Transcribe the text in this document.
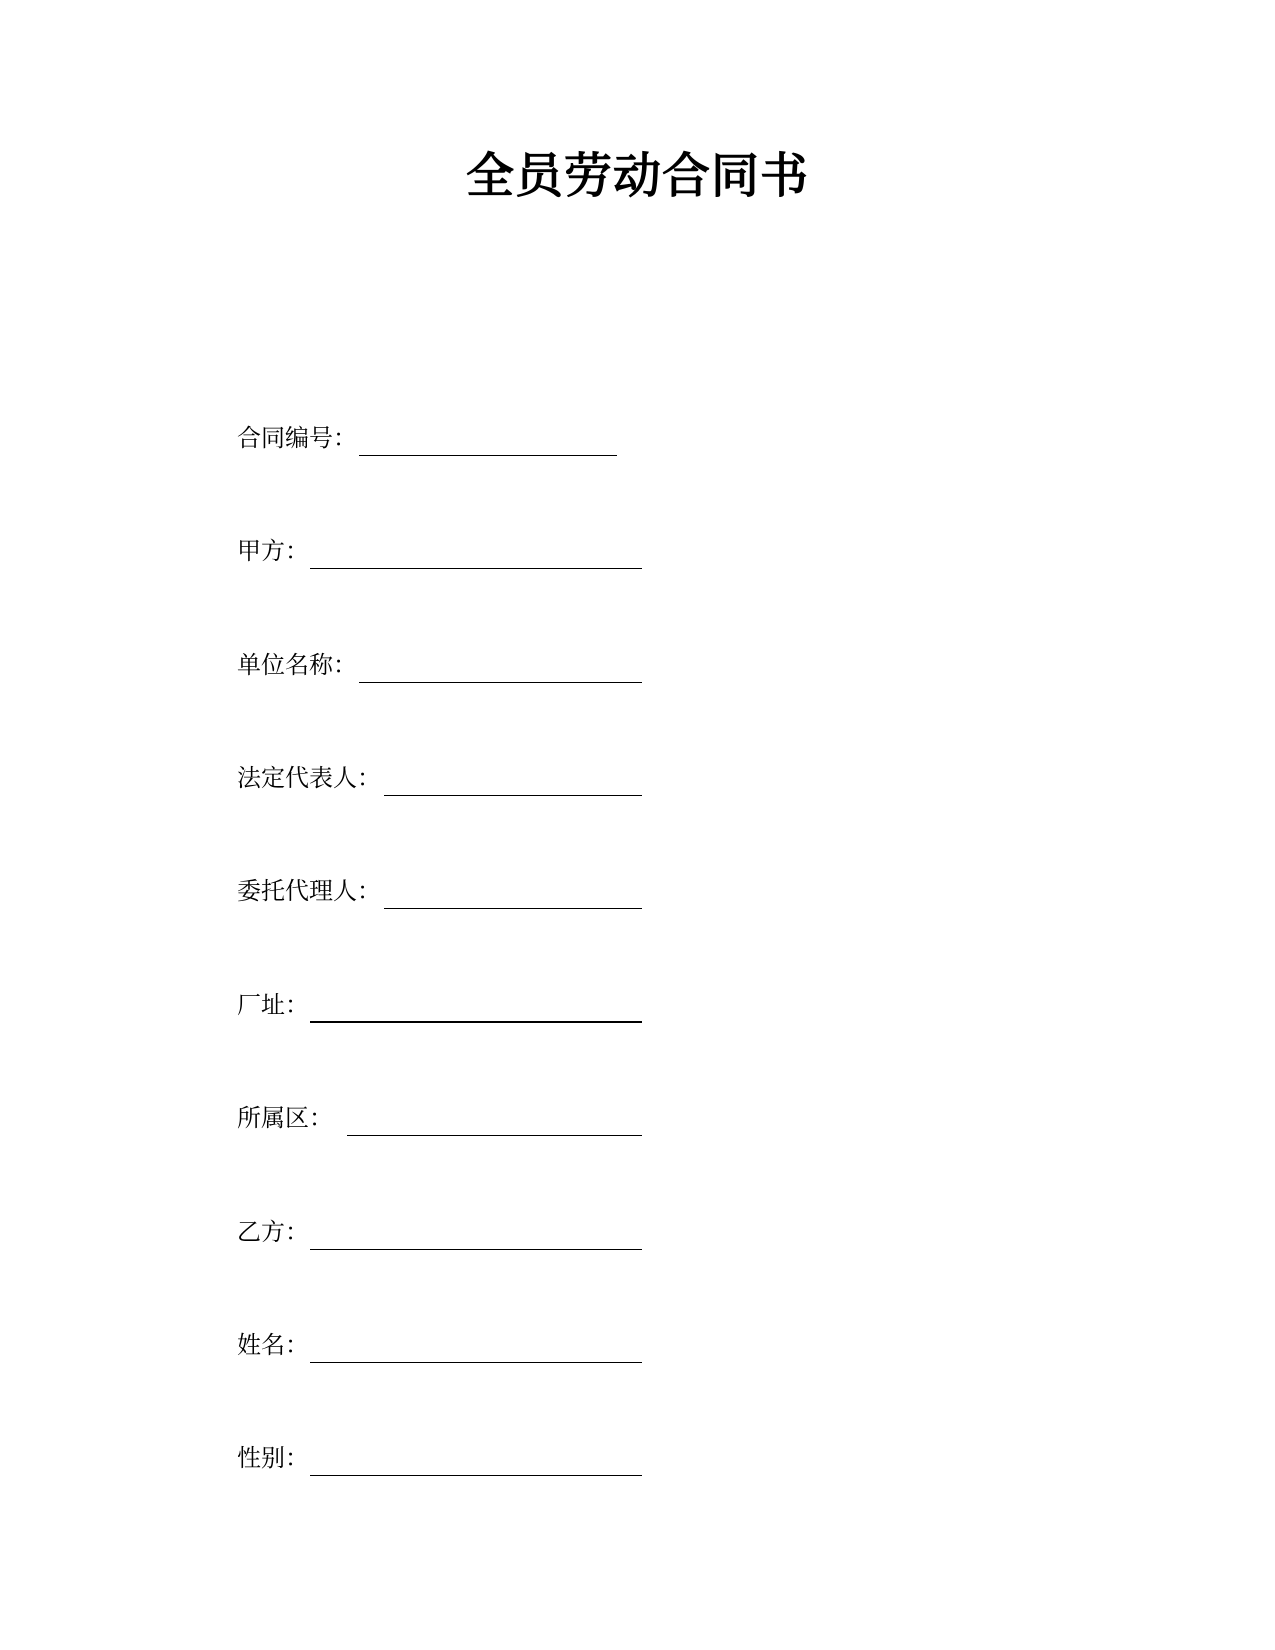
全员劳动合同书
合同编号：
甲方：
单位名称：
法定代表人：
委托代理人：
厂址：
所属区：
乙方：
姓名：
性别：
